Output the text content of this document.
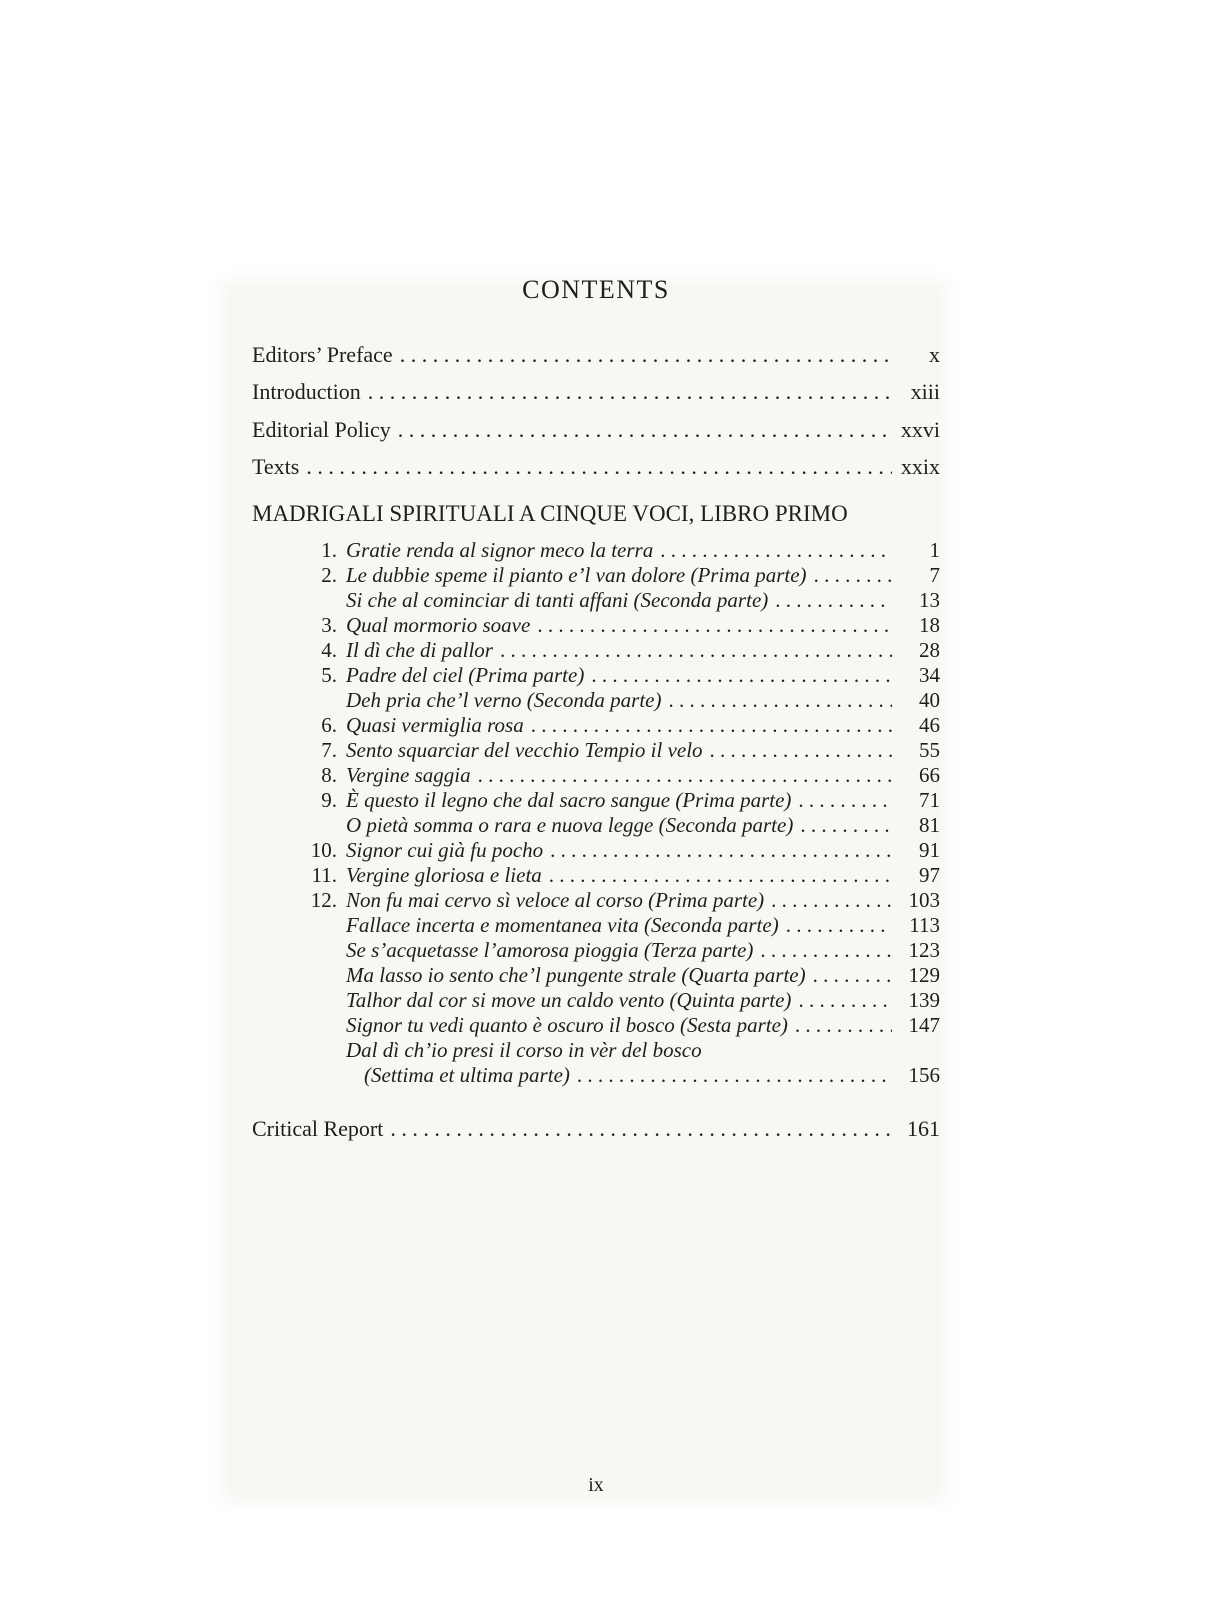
CONTENTS
Editors’ Preface . . .	x
Introduction . . .	xiii
Editorial Policy . . .	xxvi
Texts . . .	xxix
MADRIGALI SPIRITUALI A CINQUE VOCI, LIBRO PRIMO
1. Gratie renda al signor meco la terra . . .	1
2. Le dubbie speme il pianto e’l van dolore (Prima parte) . . .	7
Si che al cominciar di tanti affani (Seconda parte) . . .	13
3. Qual mormorio soave . . .	18
4. Il dì che di pallor . . .	28
5. Padre del ciel (Prima parte) . . .	34
Deh pria che’l verno (Seconda parte) . . .	40
6. Quasi vermiglia rosa . . .	46
7. Sento squarciar del vecchio Tempio il velo . . .	55
8. Vergine saggia . . .	66
9. È questo il legno che dal sacro sangue (Prima parte) . . .	71
O pietà somma o rara e nuova legge (Seconda parte) . . .	81
10. Signor cui già fu pocho . . .	91
11. Vergine gloriosa e lieta . . .	97
12. Non fu mai cervo sì veloce al corso (Prima parte) . . .	103
Fallace incerta e momentanea vita (Seconda parte) . . .	113
Se s’acquetasse l’amorosa pioggia (Terza parte) . . .	123
Ma lasso io sento che’l pungente strale (Quarta parte) . . .	129
Talhor dal cor si move un caldo vento (Quinta parte) . . .	139
Signor tu vedi quanto è oscuro il bosco (Sesta parte) . . .	147
Dal dì ch’io presi il corso in vèr del bosco
(Settima et ultima parte) . . .	156
Critical Report . . .	161
ix
